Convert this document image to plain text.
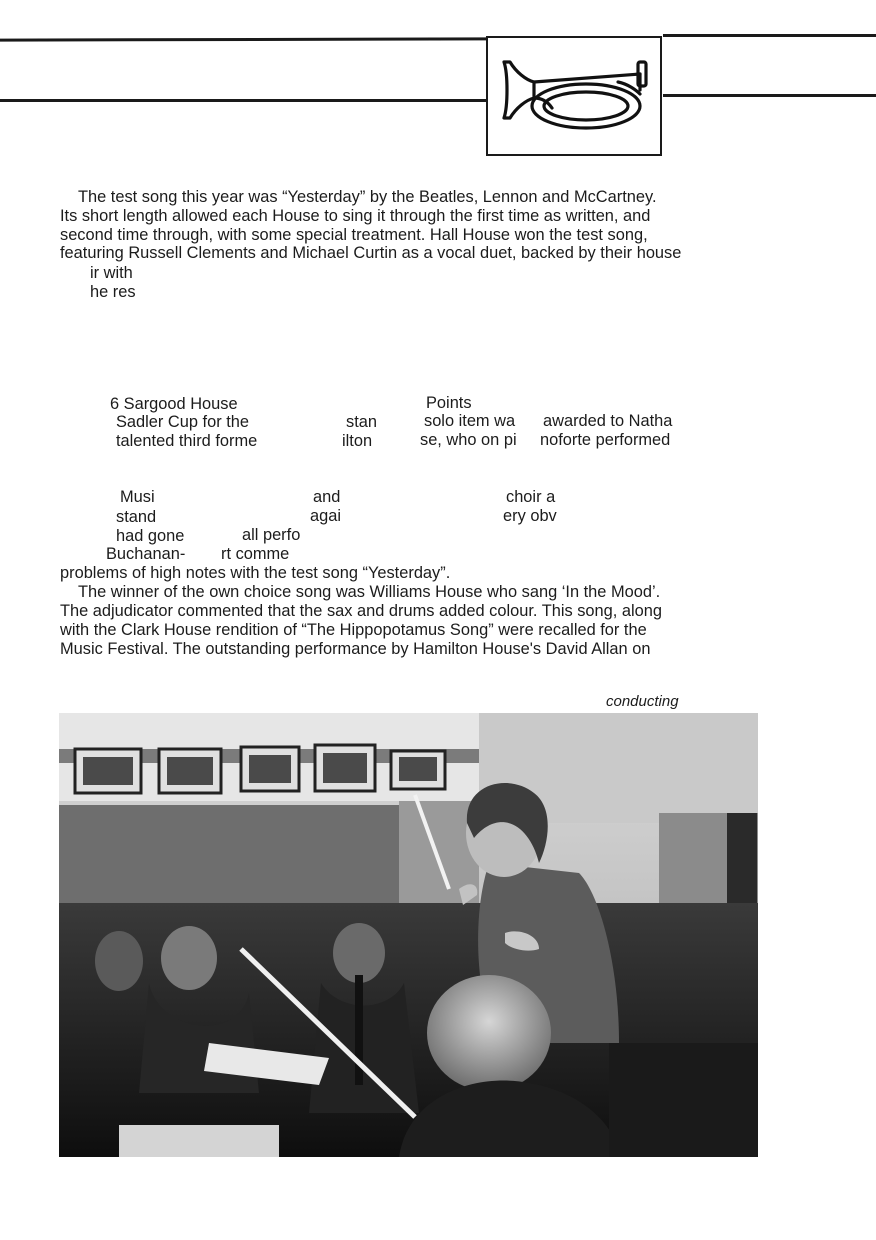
The test song this year was “Yesterday” by the Beatles, Lennon and McCartney.
Its short length allowed each House to sing it through the first time as written, and
second time through, with some special treatment. Hall House won the test song,
featuring Russell Clements and Michael Curtin as a vocal duet, backed by their house
ir with
he res
6 Sargood House	Points
Sadler Cup for the	stan	solo item wa awarded to Natha
talented third forme	ilton	se, who on pi noforte performed
Musi	and	choir a
stand	agai	ery obv
had gone	all perfo
Buchanan- rt comme
problems of high notes with the test song “Yesterday”.
The winner of the own choice song was Williams House who sang ‘In the Mood’.
The adjudicator commented that the sax and drums added colour. This song, along
with the Clark House rendition of “The Hippopotamus Song” were recalled for the
Music Festival. The outstanding performance by Hamilton House's David Allan on
conducting
